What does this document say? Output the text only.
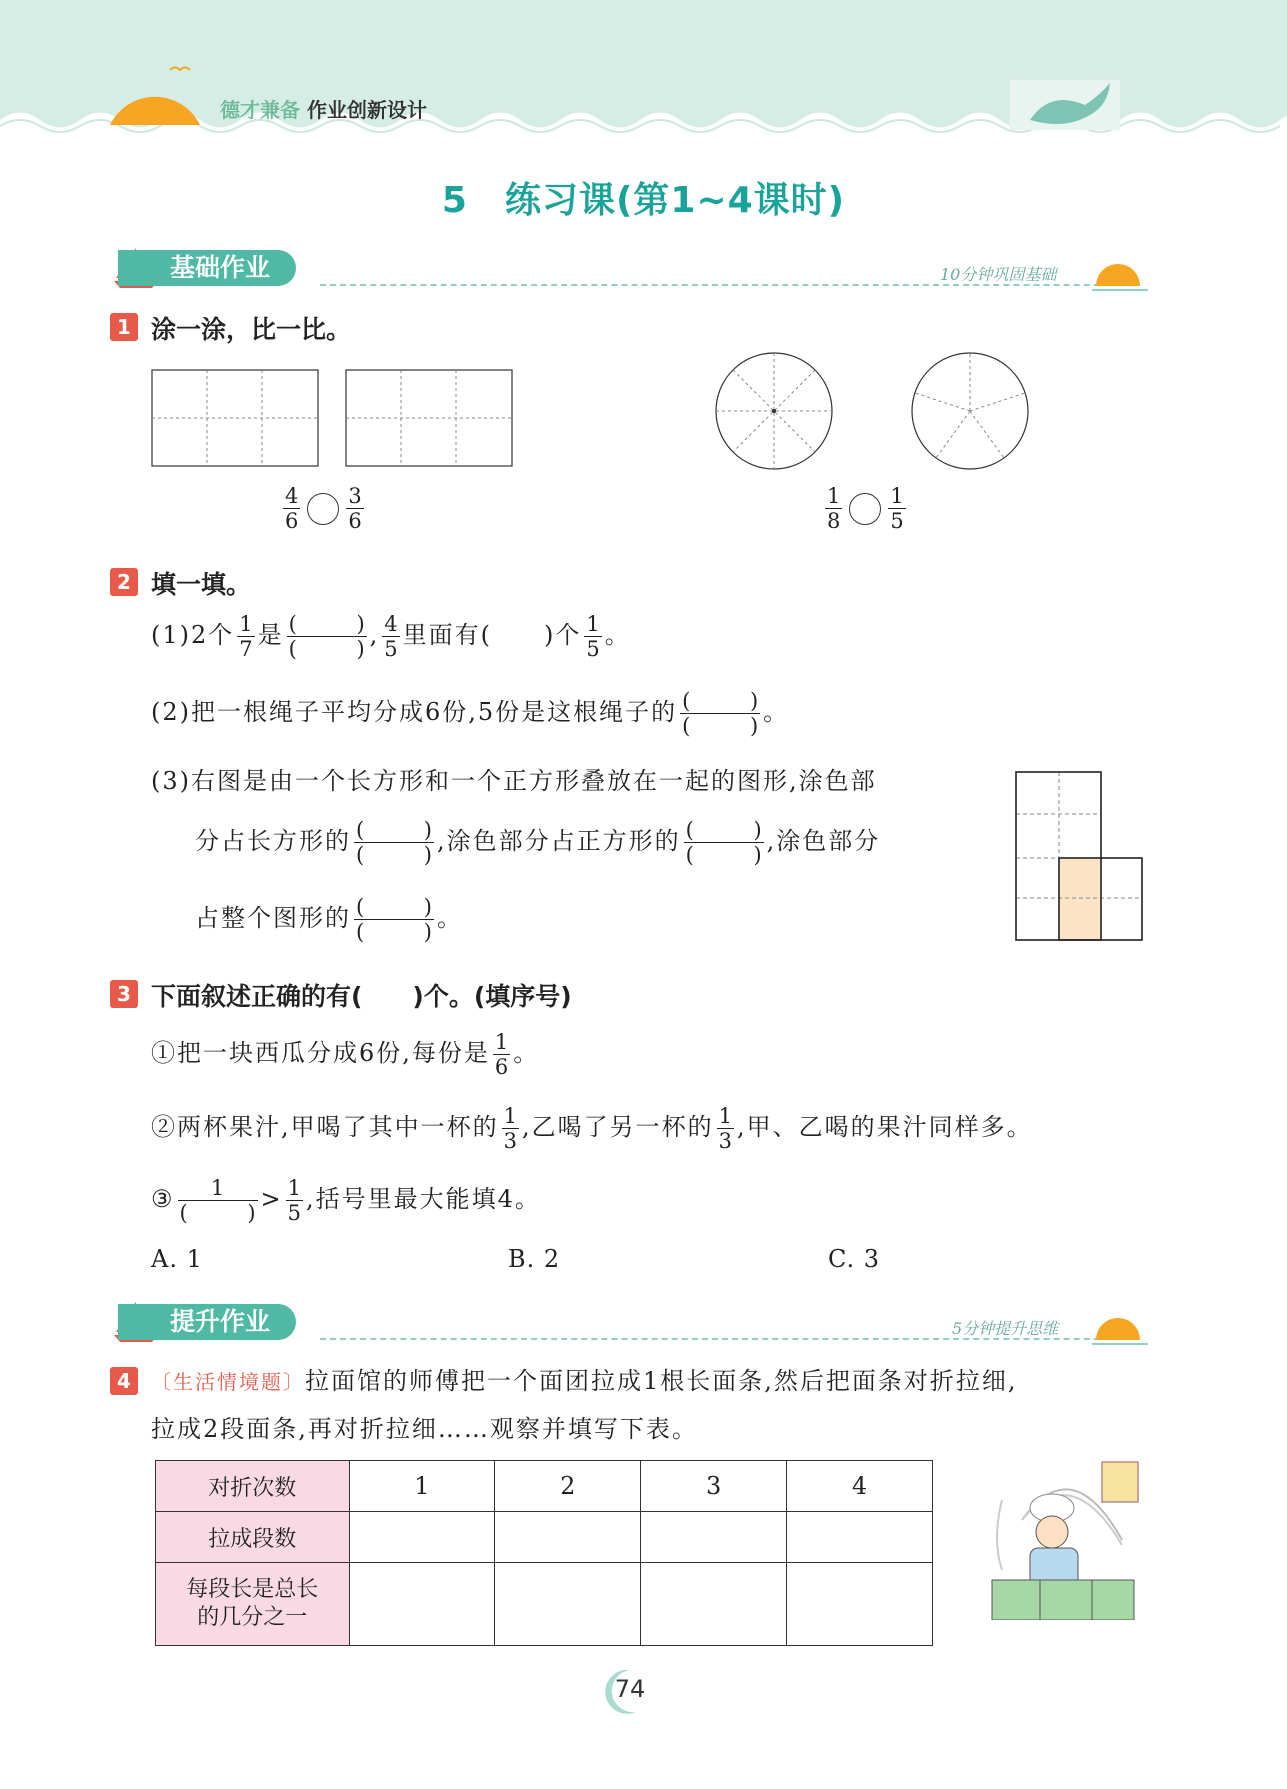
德才兼备 作业创新设计
5　练习课(第1~4课时)
基础作业	10分钟巩固基础
1 涂一涂，比一比。
$\frac{4}{6} \frac{3}{6}$	$\frac{1}{8} \frac{1}{5}$
2 填一填。
(1)2个 $\frac{1}{7}$ 是 (	)
(	) , $\frac{4}{5}$ 里面有(　　)个 $\frac{1}{5}$ 。
(2)把一根绳子平均分成6份,5份是这根绳子的 (	)
(	) 。
(3)右图是由一个长方形和一个正方形叠放在一起的图形,涂色部
分占长方形的 (	)
(	) ,涂色部分占正方形的 (	)
(	) ,涂色部分
占整个图形的 (	)
(	) 。
3 下面叙述正确的有(　　)个。(填序号)
①把一块西瓜分成6份,每份是 $\frac{1}{6}$ 。
②两杯果汁,甲喝了其中一杯的 $\frac{1}{3}$ ,乙喝了另一杯的 $\frac{1}{3}$ ,甲、乙喝的果汁同样多。
③ 1
(	) > $\frac{1}{5}$ ,括号里最大能填4。
A. 1	B. 2	C. 3
提升作业	5分钟提升思维
4	〔生活情境题〕拉面馆的师傅把一个面团拉成1根长面条,然后把面条对折拉细,
拉成2段面条,再对折拉细……观察并填写下表。
对折次数	1	2	3	4
拉成段数				
每段长是总长
的几分之一				
74
